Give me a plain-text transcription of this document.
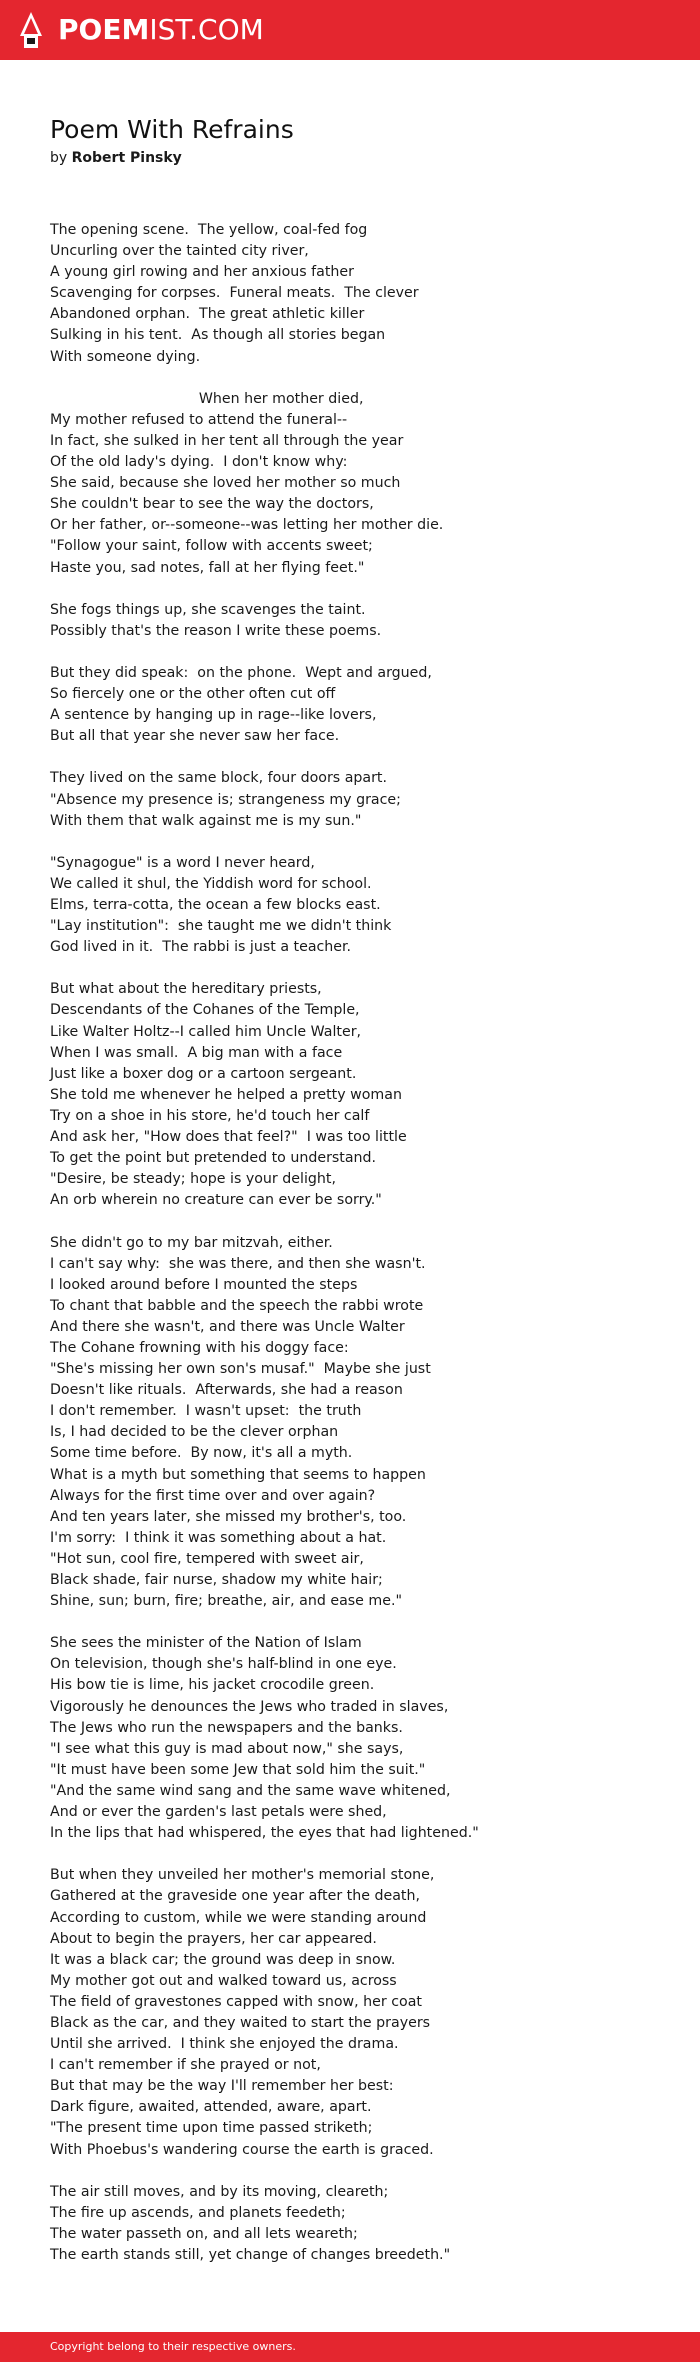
POEMIST.COM
Poem With Refrains
by Robert Pinsky
The opening scene.  The yellow, coal-fed fog
Uncurling over the tainted city river,
A young girl rowing and her anxious father
Scavenging for corpses.  Funeral meats.  The clever
Abandoned orphan.  The great athletic killer
Sulking in his tent.  As though all stories began
With someone dying.
When her mother died,
My mother refused to attend the funeral--
In fact, she sulked in her tent all through the year
Of the old lady's dying.  I don't know why:
She said, because she loved her mother so much
She couldn't bear to see the way the doctors,
Or her father, or--someone--was letting her mother die.
"Follow your saint, follow with accents sweet;
Haste you, sad notes, fall at her flying feet."
She fogs things up, she scavenges the taint.
Possibly that's the reason I write these poems.
But they did speak:  on the phone.  Wept and argued,
So fiercely one or the other often cut off
A sentence by hanging up in rage--like lovers,
But all that year she never saw her face.
They lived on the same block, four doors apart.
"Absence my presence is; strangeness my grace;
With them that walk against me is my sun."
"Synagogue" is a word I never heard,
We called it shul, the Yiddish word for school.
Elms, terra-cotta, the ocean a few blocks east.
"Lay institution":  she taught me we didn't think
God lived in it.  The rabbi is just a teacher.
But what about the hereditary priests,
Descendants of the Cohanes of the Temple,
Like Walter Holtz--I called him Uncle Walter,
When I was small.  A big man with a face
Just like a boxer dog or a cartoon sergeant.
She told me whenever he helped a pretty woman
Try on a shoe in his store, he'd touch her calf
And ask her, "How does that feel?"  I was too little
To get the point but pretended to understand.
"Desire, be steady; hope is your delight,
An orb wherein no creature can ever be sorry."
She didn't go to my bar mitzvah, either.
I can't say why:  she was there, and then she wasn't.
I looked around before I mounted the steps
To chant that babble and the speech the rabbi wrote
And there she wasn't, and there was Uncle Walter
The Cohane frowning with his doggy face:
"She's missing her own son's musaf."  Maybe she just
Doesn't like rituals.  Afterwards, she had a reason
I don't remember.  I wasn't upset:  the truth
Is, I had decided to be the clever orphan
Some time before.  By now, it's all a myth.
What is a myth but something that seems to happen
Always for the first time over and over again?
And ten years later, she missed my brother's, too.
I'm sorry:  I think it was something about a hat.
"Hot sun, cool fire, tempered with sweet air,
Black shade, fair nurse, shadow my white hair;
Shine, sun; burn, fire; breathe, air, and ease me."
She sees the minister of the Nation of Islam
On television, though she's half-blind in one eye.
His bow tie is lime, his jacket crocodile green.
Vigorously he denounces the Jews who traded in slaves,
The Jews who run the newspapers and the banks.
"I see what this guy is mad about now," she says,
"It must have been some Jew that sold him the suit."
"And the same wind sang and the same wave whitened,
And or ever the garden's last petals were shed,
In the lips that had whispered, the eyes that had lightened."
But when they unveiled her mother's memorial stone,
Gathered at the graveside one year after the death,
According to custom, while we were standing around
About to begin the prayers, her car appeared.
It was a black car; the ground was deep in snow.
My mother got out and walked toward us, across
The field of gravestones capped with snow, her coat
Black as the car, and they waited to start the prayers
Until she arrived.  I think she enjoyed the drama.
I can't remember if she prayed or not,
But that may be the way I'll remember her best:
Dark figure, awaited, attended, aware, apart.
"The present time upon time passed striketh;
With Phoebus's wandering course the earth is graced.
The air still moves, and by its moving, cleareth;
The fire up ascends, and planets feedeth;
The water passeth on, and all lets weareth;
The earth stands still, yet change of changes breedeth."
Copyright belong to their respective owners.
